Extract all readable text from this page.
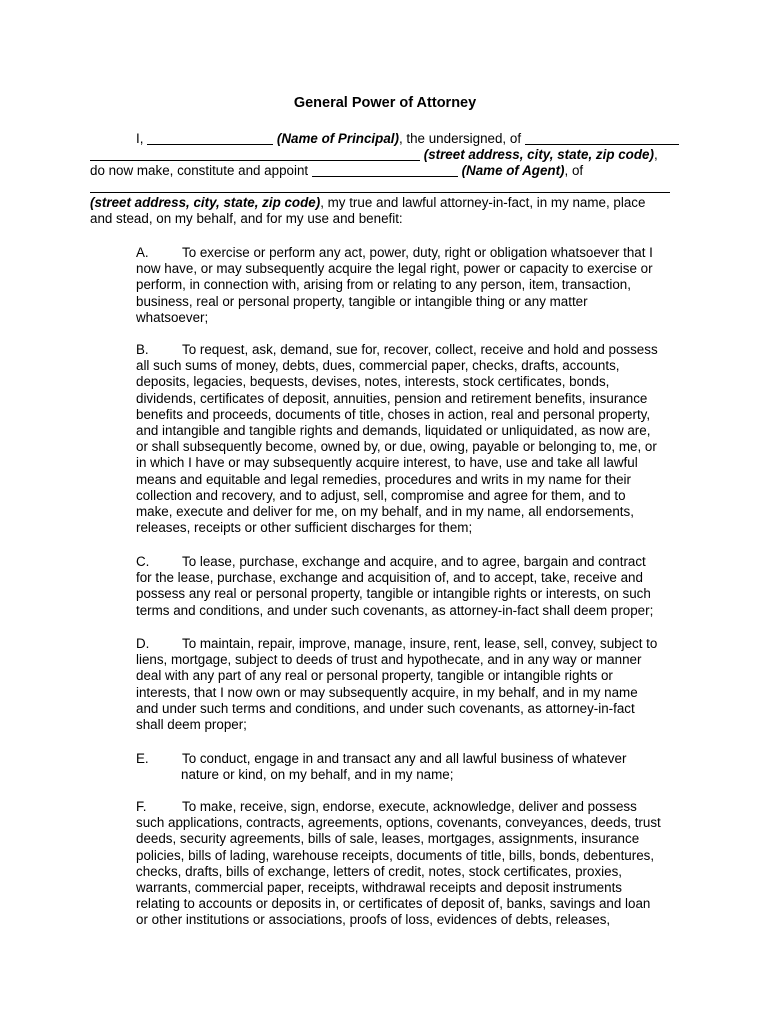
General Power of Attorney
I,	(Name of Principal), the undersigned, of
(street address, city, state, zip code),
do now make, constitute and appoint	(Name of Agent), of
(street address, city, state, zip code), my true and lawful attorney-in-fact, in my name, place
and stead, on my behalf, and for my use and benefit:
A. To exercise or perform any act, power, duty, right or obligation whatsoever that I
now have, or may subsequently acquire the legal right, power or capacity to exercise or
perform, in connection with, arising from or relating to any person, item, transaction,
business, real or personal property, tangible or intangible thing or any matter
whatsoever;
B. To request, ask, demand, sue for, recover, collect, receive and hold and possess
all such sums of money, debts, dues, commercial paper, checks, drafts, accounts,
deposits, legacies, bequests, devises, notes, interests, stock certificates, bonds,
dividends, certificates of deposit, annuities, pension and retirement benefits, insurance
benefits and proceeds, documents of title, choses in action, real and personal property,
and intangible and tangible rights and demands, liquidated or unliquidated, as now are,
or shall subsequently become, owned by, or due, owing, payable or belonging to, me, or
in which I have or may subsequently acquire interest, to have, use and take all lawful
means and equitable and legal remedies, procedures and writs in my name for their
collection and recovery, and to adjust, sell, compromise and agree for them, and to
make, execute and deliver for me, on my behalf, and in my name, all endorsements,
releases, receipts or other sufficient discharges for them;
C. To lease, purchase, exchange and acquire, and to agree, bargain and contract
for the lease, purchase, exchange and acquisition of, and to accept, take, receive and
possess any real or personal property, tangible or intangible rights or interests, on such
terms and conditions, and under such covenants, as attorney-in-fact shall deem proper;
D. To maintain, repair, improve, manage, insure, rent, lease, sell, convey, subject to
liens, mortgage, subject to deeds of trust and hypothecate, and in any way or manner
deal with any part of any real or personal property, tangible or intangible rights or
interests, that I now own or may subsequently acquire, in my behalf, and in my name
and under such terms and conditions, and under such covenants, as attorney-in-fact
shall deem proper;
E. To conduct, engage in and transact any and all lawful business of whatever
nature or kind, on my behalf, and in my name;
F.	To make, receive, sign, endorse, execute, acknowledge, deliver and possess
such applications, contracts, agreements, options, covenants, conveyances, deeds, trust
deeds, security agreements, bills of sale, leases, mortgages, assignments, insurance
policies, bills of lading, warehouse receipts, documents of title, bills, bonds, debentures,
checks, drafts, bills of exchange, letters of credit, notes, stock certificates, proxies,
warrants, commercial paper, receipts, withdrawal receipts and deposit instruments
relating to accounts or deposits in, or certificates of deposit of, banks, savings and loan
or other institutions or associations, proofs of loss, evidences of debts, releases,
